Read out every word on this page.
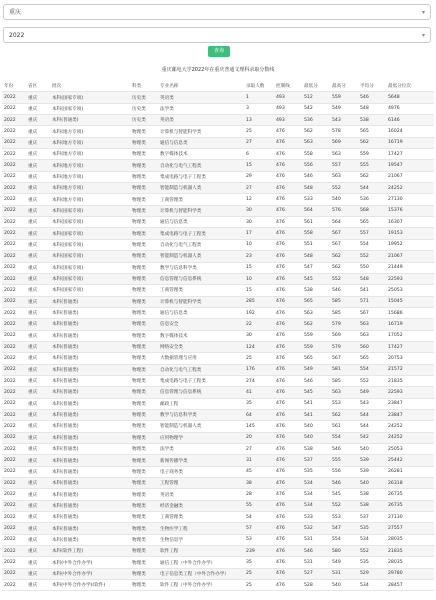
重庆	▾
2022	▾
查询
重庆邮电大学2022年在重庆普通文理科录取分数线
年份	省区	批次	科类	专业名称	录取人数	控制线	最低分	最高分	平均分	最低分位次
2022	重庆	本科(国家专项)	历史类	英语类	1	493	512	559	546	5648
2022	重庆	本科(国家专项)	历史类	法学类	3	493	542	549	548	4976
2022	重庆	本科(普通类)	历史类	英语类	13	493	536	543	538	6146
2022	重庆	本科(地方专项)	物理类	计算机与智能科学类	25	476	562	578	565	16024
2022	重庆	本科(地方专项)	物理类	通信与信息类	27	476	563	569	562	16719
2022	重庆	本科(地方专项)	物理类	数字媒体技术	6	476	558	563	559	17427
2022	重庆	本科(地方专项)	物理类	自动化与电气工程类	15	476	556	557	555	19547
2022	重庆	本科(地方专项)	物理类	集成电路与电子工程类	29	476	546	563	562	21067
2022	重庆	本科(地方专项)	物理类	智能制造与机器人类	27	476	548	552	544	24252
2022	重庆	本科(地方专项)	物理类	工商管理类	12	476	533	540	536	27130
2022	重庆	本科(国家专项)	物理类	计算机与智能科学类	30	476	564	576	568	15376
2022	重庆	本科(国家专项)	物理类	通信与信息类	30	476	561	564	565	16307
2022	重庆	本科(国家专项)	物理类	集成电路与电子工程类	17	476	558	567	557	19153
2022	重庆	本科(国家专项)	物理类	自动化与电气工程类	10	476	551	567	554	19952
2022	重庆	本科(国家专项)	物理类	智能制造与机器人类	23	476	548	562	552	21067
2022	重庆	本科(国家专项)	物理类	数学与信息科学类	15	476	547	562	550	21449
2022	重庆	本科(国家专项)	物理类	信息管理与信息系统	10	476	545	552	548	22593
2022	重庆	本科(国家专项)	物理类	工商管理类	15	476	538	546	541	25053
2022	重庆	本科(普通类)	物理类	计算机与智能科学类	285	476	565	585	571	15045
2022	重庆	本科(普通类)	物理类	通信与信息类	192	476	563	585	567	15686
2022	重庆	本科(普通类)	物理类	信息安全	22	476	562	579	563	16719
2022	重庆	本科(普通类)	物理类	数字媒体技术	30	476	559	569	563	17052
2022	重庆	本科(普通类)	物理类	网络安全类	124	476	559	579	560	17427
2022	重庆	本科(普通类)	物理类	大数据管理与应用	25	476	565	567	565	20753
2022	重庆	本科(普通类)	物理类	自动化与电气工程类	176	476	549	581	554	21572
2022	重庆	本科(普通类)	物理类	集成电路与电子工程类	274	476	546	585	552	21835
2022	重庆	本科(普通类)	物理类	信息管理与信息系统	41	476	545	563	549	22593
2022	重庆	本科(普通类)	物理类	邮政工程	35	476	541	553	543	23847
2022	重庆	本科(普通类)	物理类	数学与信息科学类	64	476	541	562	544	23847
2022	重庆	本科(普通类)	物理类	智能制造与机器人类	145	476	540	561	544	24252
2022	重庆	本科(普通类)	物理类	应用物理学	20	476	540	554	542	24252
2022	重庆	本科(普通类)	物理类	法学类	27	476	538	546	540	25053
2022	重庆	本科(普通类)	物理类	新闻传播学类	31	476	537	555	539	25442
2022	重庆	本科(普通类)	物理类	电子商务类	45	476	535	556	539	26281
2022	重庆	本科(普通类)	物理类	工程管理	38	476	534	546	540	26318
2022	重庆	本科(普通类)	物理类	英语类	28	476	534	545	538	26735
2022	重庆	本科(普通类)	物理类	经济金融类	55	476	534	552	538	26735
2022	重庆	本科(普通类)	物理类	工商管理类	54	476	533	553	537	27130
2022	重庆	本科(普通类)	物理类	生物医学工程	57	476	532	547	535	27557
2022	重庆	本科(普通类)	物理类	生物信息学	53	476	531	554	534	28035
2022	重庆	本科(软件工程)	物理类	软件工程	239	476	546	580	552	21835
2022	重庆	本科(中外合作办学)	物理类	通信工程（中外合作办学）	35	476	531	549	535	28035
2022	重庆	本科(中外合作办学)	物理类	电子信息类工程（中外合作办学）	25	476	527	531	529	29780
2022	重庆	本科(中外合作办学)(软件)	物理类	软件工程（中外合作办学）	25	476	528	540	534	28457
